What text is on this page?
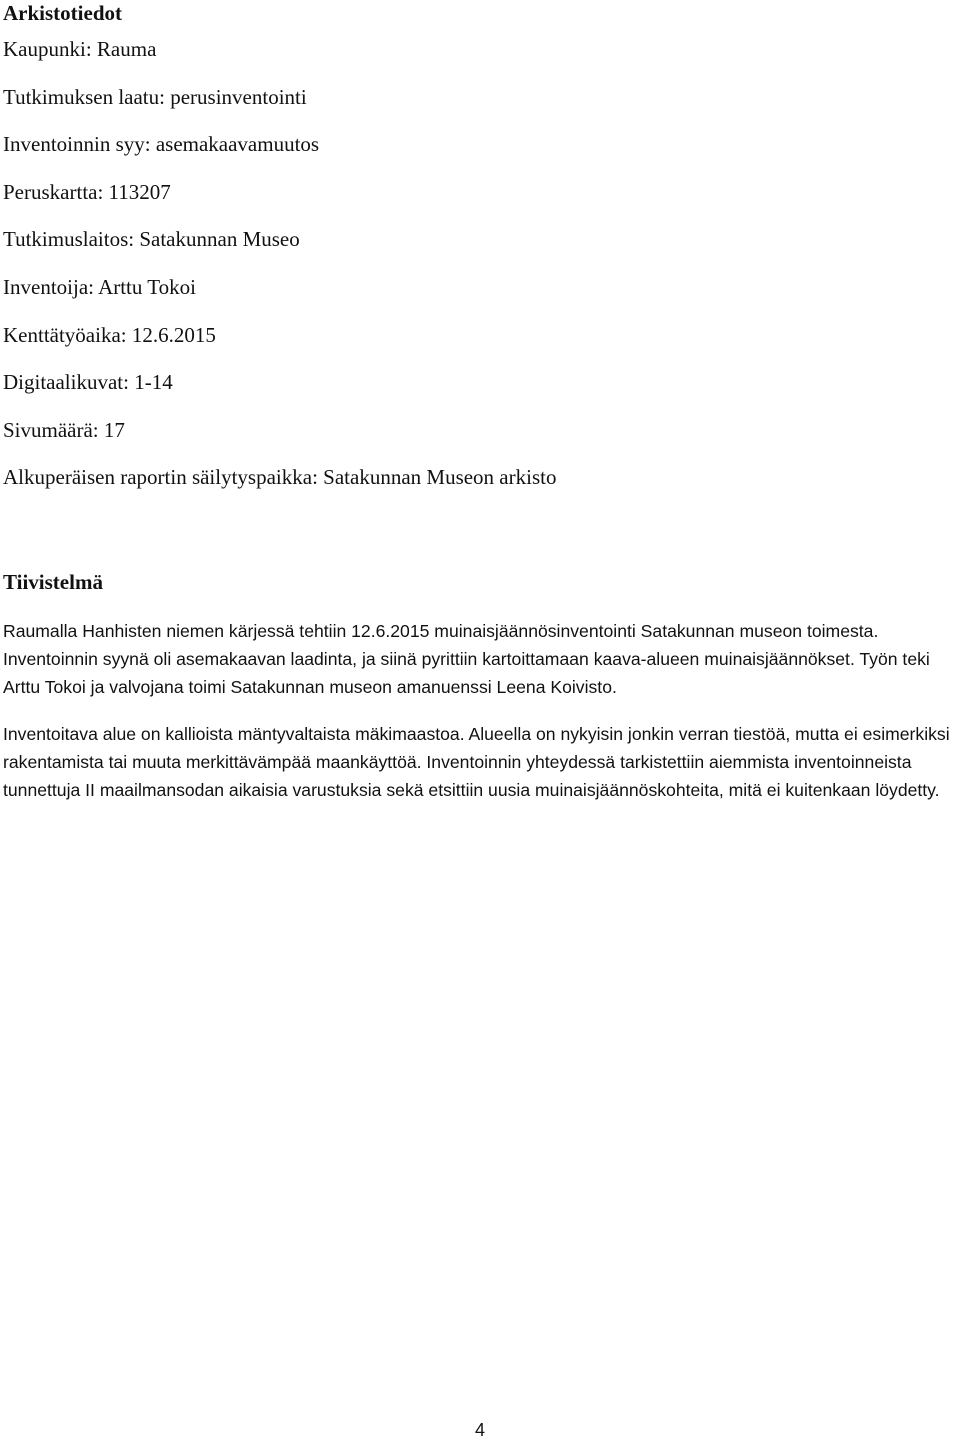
Arkistotiedot

Kaupunki: Rauma

Tutkimuksen laatu: perusinventointi

Inventoinnin syy: asemakaavamuutos

Peruskartta: 113207

Tutkimuslaitos: Satakunnan Museo

Inventoija: Arttu Tokoi

Kenttätyöaika: 12.6.2015

Digitaalikuvat: 1-14

Sivumäärä: 17

Alkuperäisen raportin säilytyspaikka: Satakunnan Museon arkisto

Tiivistelmä

Raumalla Hanhisten niemen kärjessä tehtiin 12.6.2015 muinaisjäännösinventointi Satakunnan museon toimesta. Inventoinnin syynä oli asemakaavan laadinta, ja siinä pyrittiin kartoittamaan kaava-alueen muinaisjäännökset. Työn teki Arttu Tokoi ja valvojana toimi Satakunnan museon amanuenssi Leena Koivisto.

Inventoitava alue on kallioista mäntyvaltaista mäkimaastoa. Alueella on nykyisin jonkin verran tiestöä, mutta ei esimerkiksi rakentamista tai muuta merkittävämpää maankäyttöä. Inventoinnin yhteydessä tarkistettiin aiemmista inventoinneista tunnettuja II maailmansodan aikaisia varustuksia sekä etsittiin uusia muinaisjäännöskohteita, mitä ei kuitenkaan löydetty.

4
